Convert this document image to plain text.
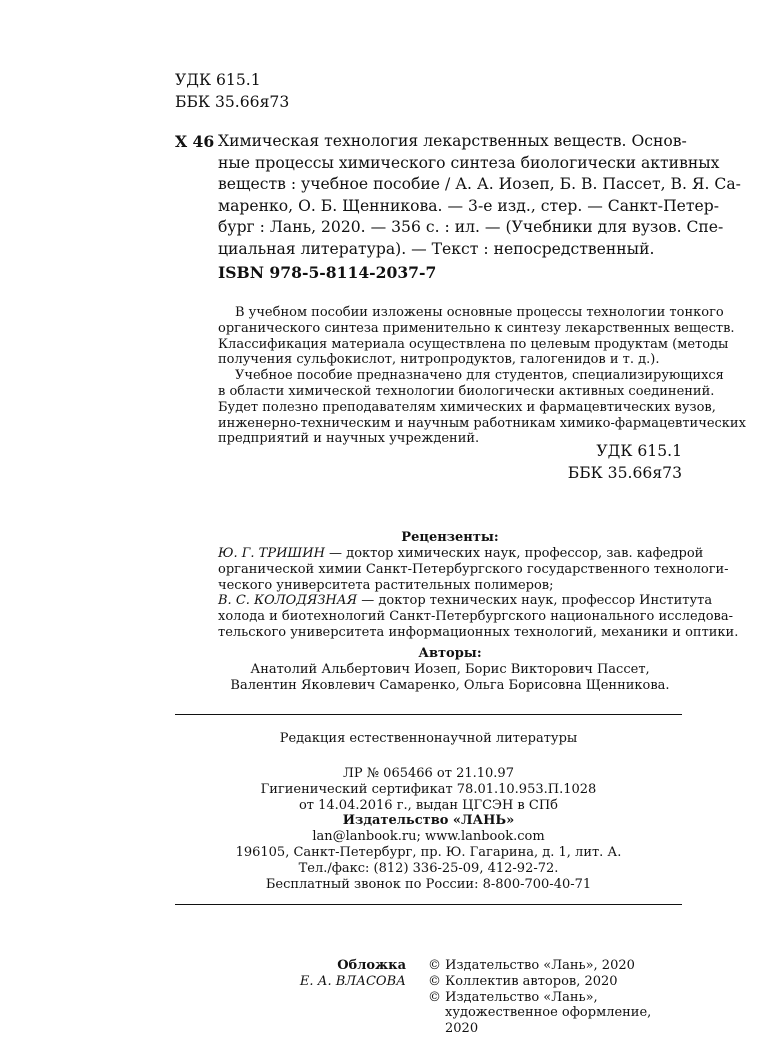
УДК 615.1
ББК 35.66я73
Х 46 Химическая технология лекарственных веществ. Основ-
ные процессы химического синтеза биологически активных
веществ : учебное пособие / А. А. Иозеп, Б. В. Пассет, В. Я. Са-
маренко, О. Б. Щенникова. — 3-е изд., стер. — Санкт-Петер-
бург : Лань, 2020. — 356 с. : ил. — (Учебники для вузов. Спе-
циальная литература). — Текст : непосредственный.
ISBN 978-5-8114-2037-7
В учебном пособии изложены основные процессы технологии тонкого
органического синтеза применительно к синтезу лекарственных веществ.
Классификация материала осуществлена по целевым продуктам (методы
получения сульфокислот, нитропродуктов, галогенидов и т. д.).
Учебное пособие предназначено для студентов, специализирующихся
в области химической технологии биологически активных соединений.
Будет полезно преподавателям химических и фармацевтических вузов,
инженерно-техническим и научным работникам химико-фармацевтических
предприятий и научных учреждений.
УДК 615.1
ББК 35.66я73
Рецензенты:
Ю. Г. ТРИШИН — доктор химических наук, профессор, зав. кафедрой
органической химии Санкт-Петербургского государственного технологи-
ческого университета растительных полимеров;
В. С. КОЛОДЯЗНАЯ — доктор технических наук, профессор Института
холода и биотехнологий Санкт-Петербургского национального исследова-
тельского университета информационных технологий, механики и оптики.
Авторы:
Анатолий Альбертович Иозеп, Борис Викторович Пассет,
Валентин Яковлевич Самаренко, Ольга Борисовна Щенникова.
Редакция естественнонаучной литературы
ЛР № 065466 от 21.10.97
Гигиенический сертификат 78.01.10.953.П.1028
от 14.04.2016 г., выдан ЦГСЭН в СПб
Издательство «ЛАНЬ»
lan@lanbook.ru; www.lanbook.com
196105, Санкт-Петербург, пр. Ю. Гагарина, д. 1, лит. А.
Тел./факс: (812) 336-25-09, 412-92-72.
Бесплатный звонок по России: 8-800-700-40-71
Обложка
Е. А. ВЛАСОВА
© Издательство «Лань», 2020
© Коллектив авторов, 2020
© Издательство «Лань»,
художественное оформление, 2020
